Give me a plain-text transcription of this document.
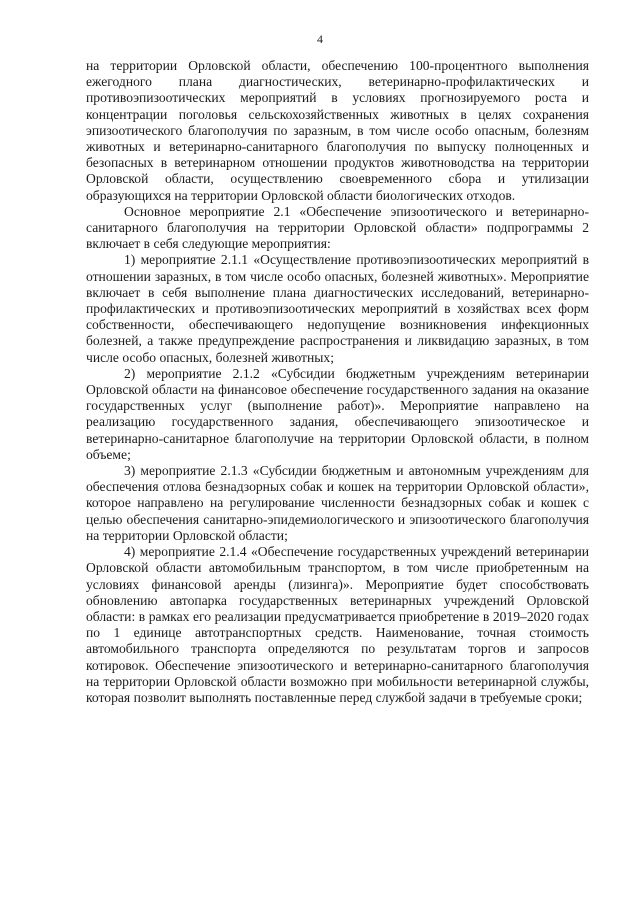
4

на территории Орловской области, обеспечению 100-процентного выполнения ежегодного плана диагностических, ветеринарно-профилактических и противоэпизоотических мероприятий в условиях прогнозируемого роста и концентрации поголовья сельскохозяйственных животных в целях сохранения эпизоотического благополучия по заразным, в том числе особо опасным, болезням животных и ветеринарно-санитарного благополучия по выпуску полноценных и безопасных в ветеринарном отношении продуктов животноводства на территории Орловской области, осуществлению своевременного сбора и утилизации образующихся на территории Орловской области биологических отходов.

Основное мероприятие 2.1 «Обеспечение эпизоотического и ветеринарно-санитарного благополучия на территории Орловской области» подпрограммы 2 включает в себя следующие мероприятия:

1) мероприятие 2.1.1 «Осуществление противоэпизоотических мероприятий в отношении заразных, в том числе особо опасных, болезней животных». Мероприятие включает в себя выполнение плана диагностических исследований, ветеринарно-профилактических и противоэпизоотических мероприятий в хозяйствах всех форм собственности, обеспечивающего недопущение возникновения инфекционных болезней, а также предупреждение распространения и ликвидацию заразных, в том числе особо опасных, болезней животных;

2) мероприятие 2.1.2 «Субсидии бюджетным учреждениям ветеринарии Орловской области на финансовое обеспечение государственного задания на оказание государственных услуг (выполнение работ)». Мероприятие направлено на реализацию государственного задания, обеспечивающего эпизоотическое и ветеринарно-санитарное благополучие на территории Орловской области, в полном объеме;

3) мероприятие 2.1.3 «Субсидии бюджетным и автономным учреждениям для обеспечения отлова безнадзорных собак и кошек на территории Орловской области», которое направлено на регулирование численности безнадзорных собак и кошек с целью обеспечения санитарно-эпидемиологического и эпизоотического благополучия на территории Орловской области;

4) мероприятие 2.1.4 «Обеспечение государственных учреждений ветеринарии Орловской области автомобильным транспортом, в том числе приобретенным на условиях финансовой аренды (лизинга)». Мероприятие будет способствовать обновлению автопарка государственных ветеринарных учреждений Орловской области: в рамках его реализации предусматривается приобретение в 2019–2020 годах по 1 единице автотранспортных средств. Наименование, точная стоимость автомобильного транспорта определяются по результатам торгов и запросов котировок. Обеспечение эпизоотического и ветеринарно-санитарного благополучия на территории Орловской области возможно при мобильности ветеринарной службы, которая позволит выполнять поставленные перед службой задачи в требуемые сроки;
